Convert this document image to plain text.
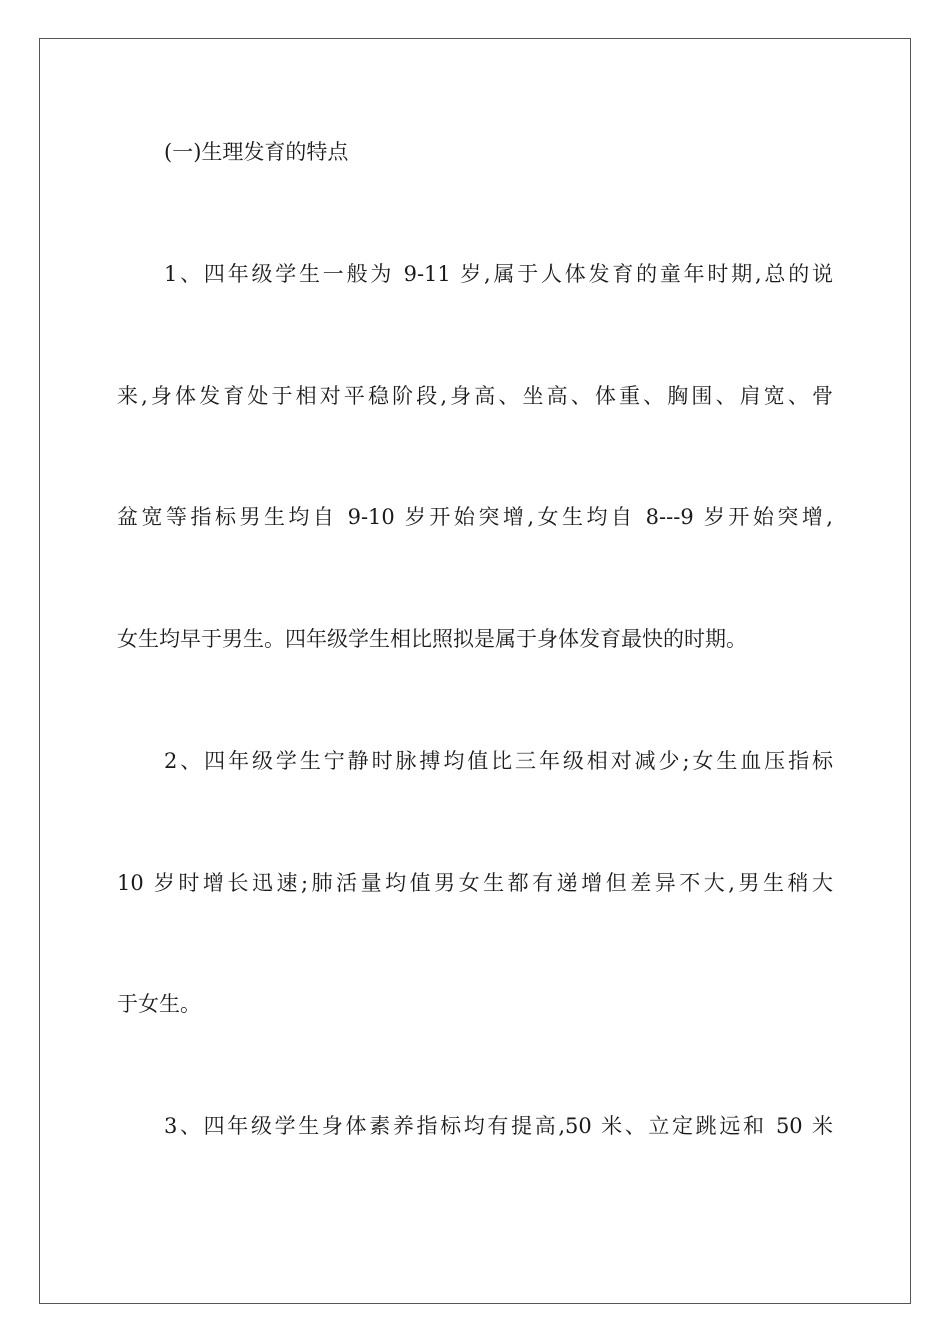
(一)生理发育的特点
1、四年级学生一般为 9-11 岁,属于人体发育的童年时期,总的说
来,身体发育处于相对平稳阶段,身高、坐高、体重、胸围、肩宽、骨
盆宽等指标男生均自 9-10 岁开始突增,女生均自 8---9 岁开始突增,
女生均早于男生。四年级学生相比照拟是属于身体发育最快的时期。
2、四年级学生宁静时脉搏均值比三年级相对减少;女生血压指标
10 岁时增长迅速;肺活量均值男女生都有递增但差异不大,男生稍大
于女生。
3、四年级学生身体素养指标均有提高,50 米、立定跳远和 50 米
